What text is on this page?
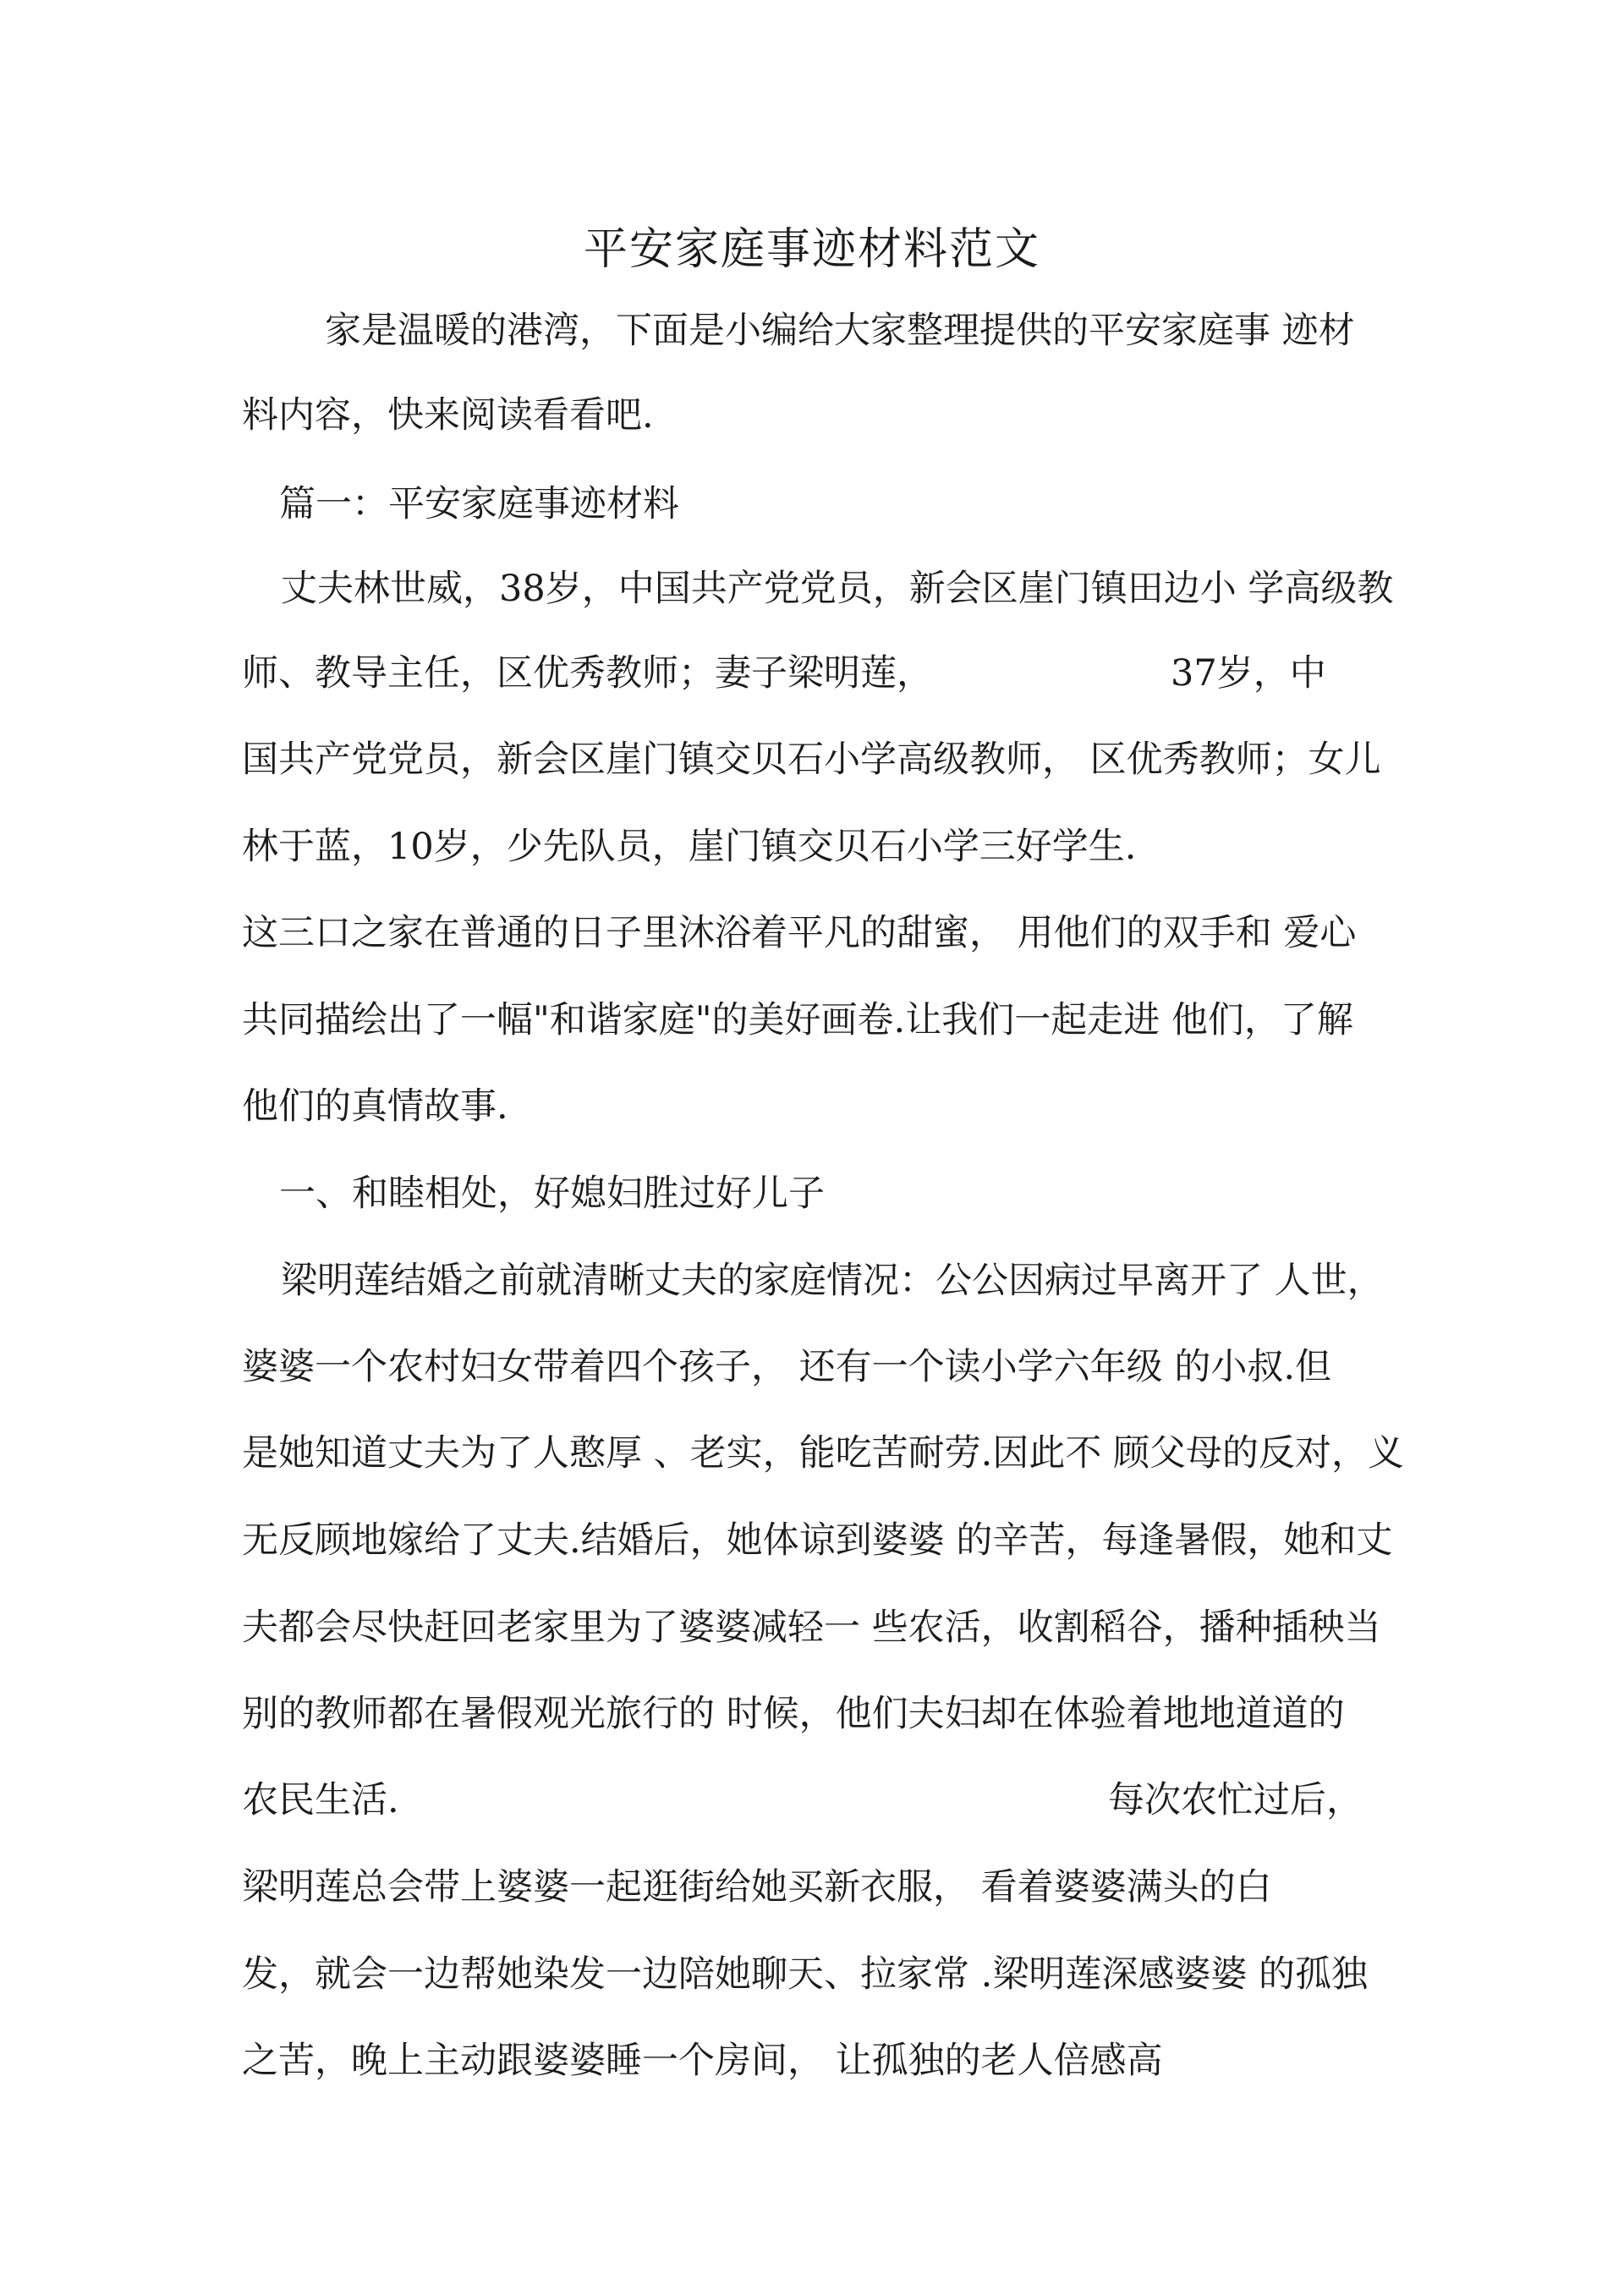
平安家庭事迹材料范文
家是温暖的港湾，下面是小编给大家整理提供的平安家庭事 迹材
料内容，快来阅读看看吧.
篇一：平安家庭事迹材料
丈夫林世威，38岁，中国共产党党员，新会区崖门镇田边小 学高级教
师、教导主任，区优秀教师；妻子梁明莲，	37岁，中
国共产党党员，新会区崖门镇交贝石小学高级教师， 区优秀教师；女儿
林于蓝，10岁，少先队员，崖门镇交贝石小学三好学生.
这三口之家在普通的日子里沐浴着平凡的甜蜜， 用他们的双手和 爱心
共同描绘出了一幅"和谐家庭"的美好画卷.让我们一起走进 他们，了解
他们的真情故事.
一、和睦相处，好媳妇胜过好儿子
梁明莲结婚之前就清晰丈夫的家庭情况：公公因病过早离开了 人世，
婆婆一个农村妇女带着四个孩子， 还有一个读小学六年级 的小叔.但
是她知道丈夫为了人憨厚 、老实，能吃苦耐劳.因此不 顾父母的反对，义
无反顾地嫁给了丈夫.结婚后，她体谅到婆婆 的辛苦，每逢暑假，她和丈
夫都会尽快赶回老家里为了婆婆减轻一 些农活，收割稻谷，播种插秧当
别的教师都在暑假观光旅行的 时候，他们夫妇却在体验着地地道道的
农民生活.	每次农忙过后，
梁明莲总会带上婆婆一起逛街给她买新衣服， 看着婆婆满头的白
发，就会一边帮她染发一边陪她聊天、拉家常 .梁明莲深感婆婆 的孤独
之苦，晚上主动跟婆婆睡一个房间， 让孤独的老人倍感高
